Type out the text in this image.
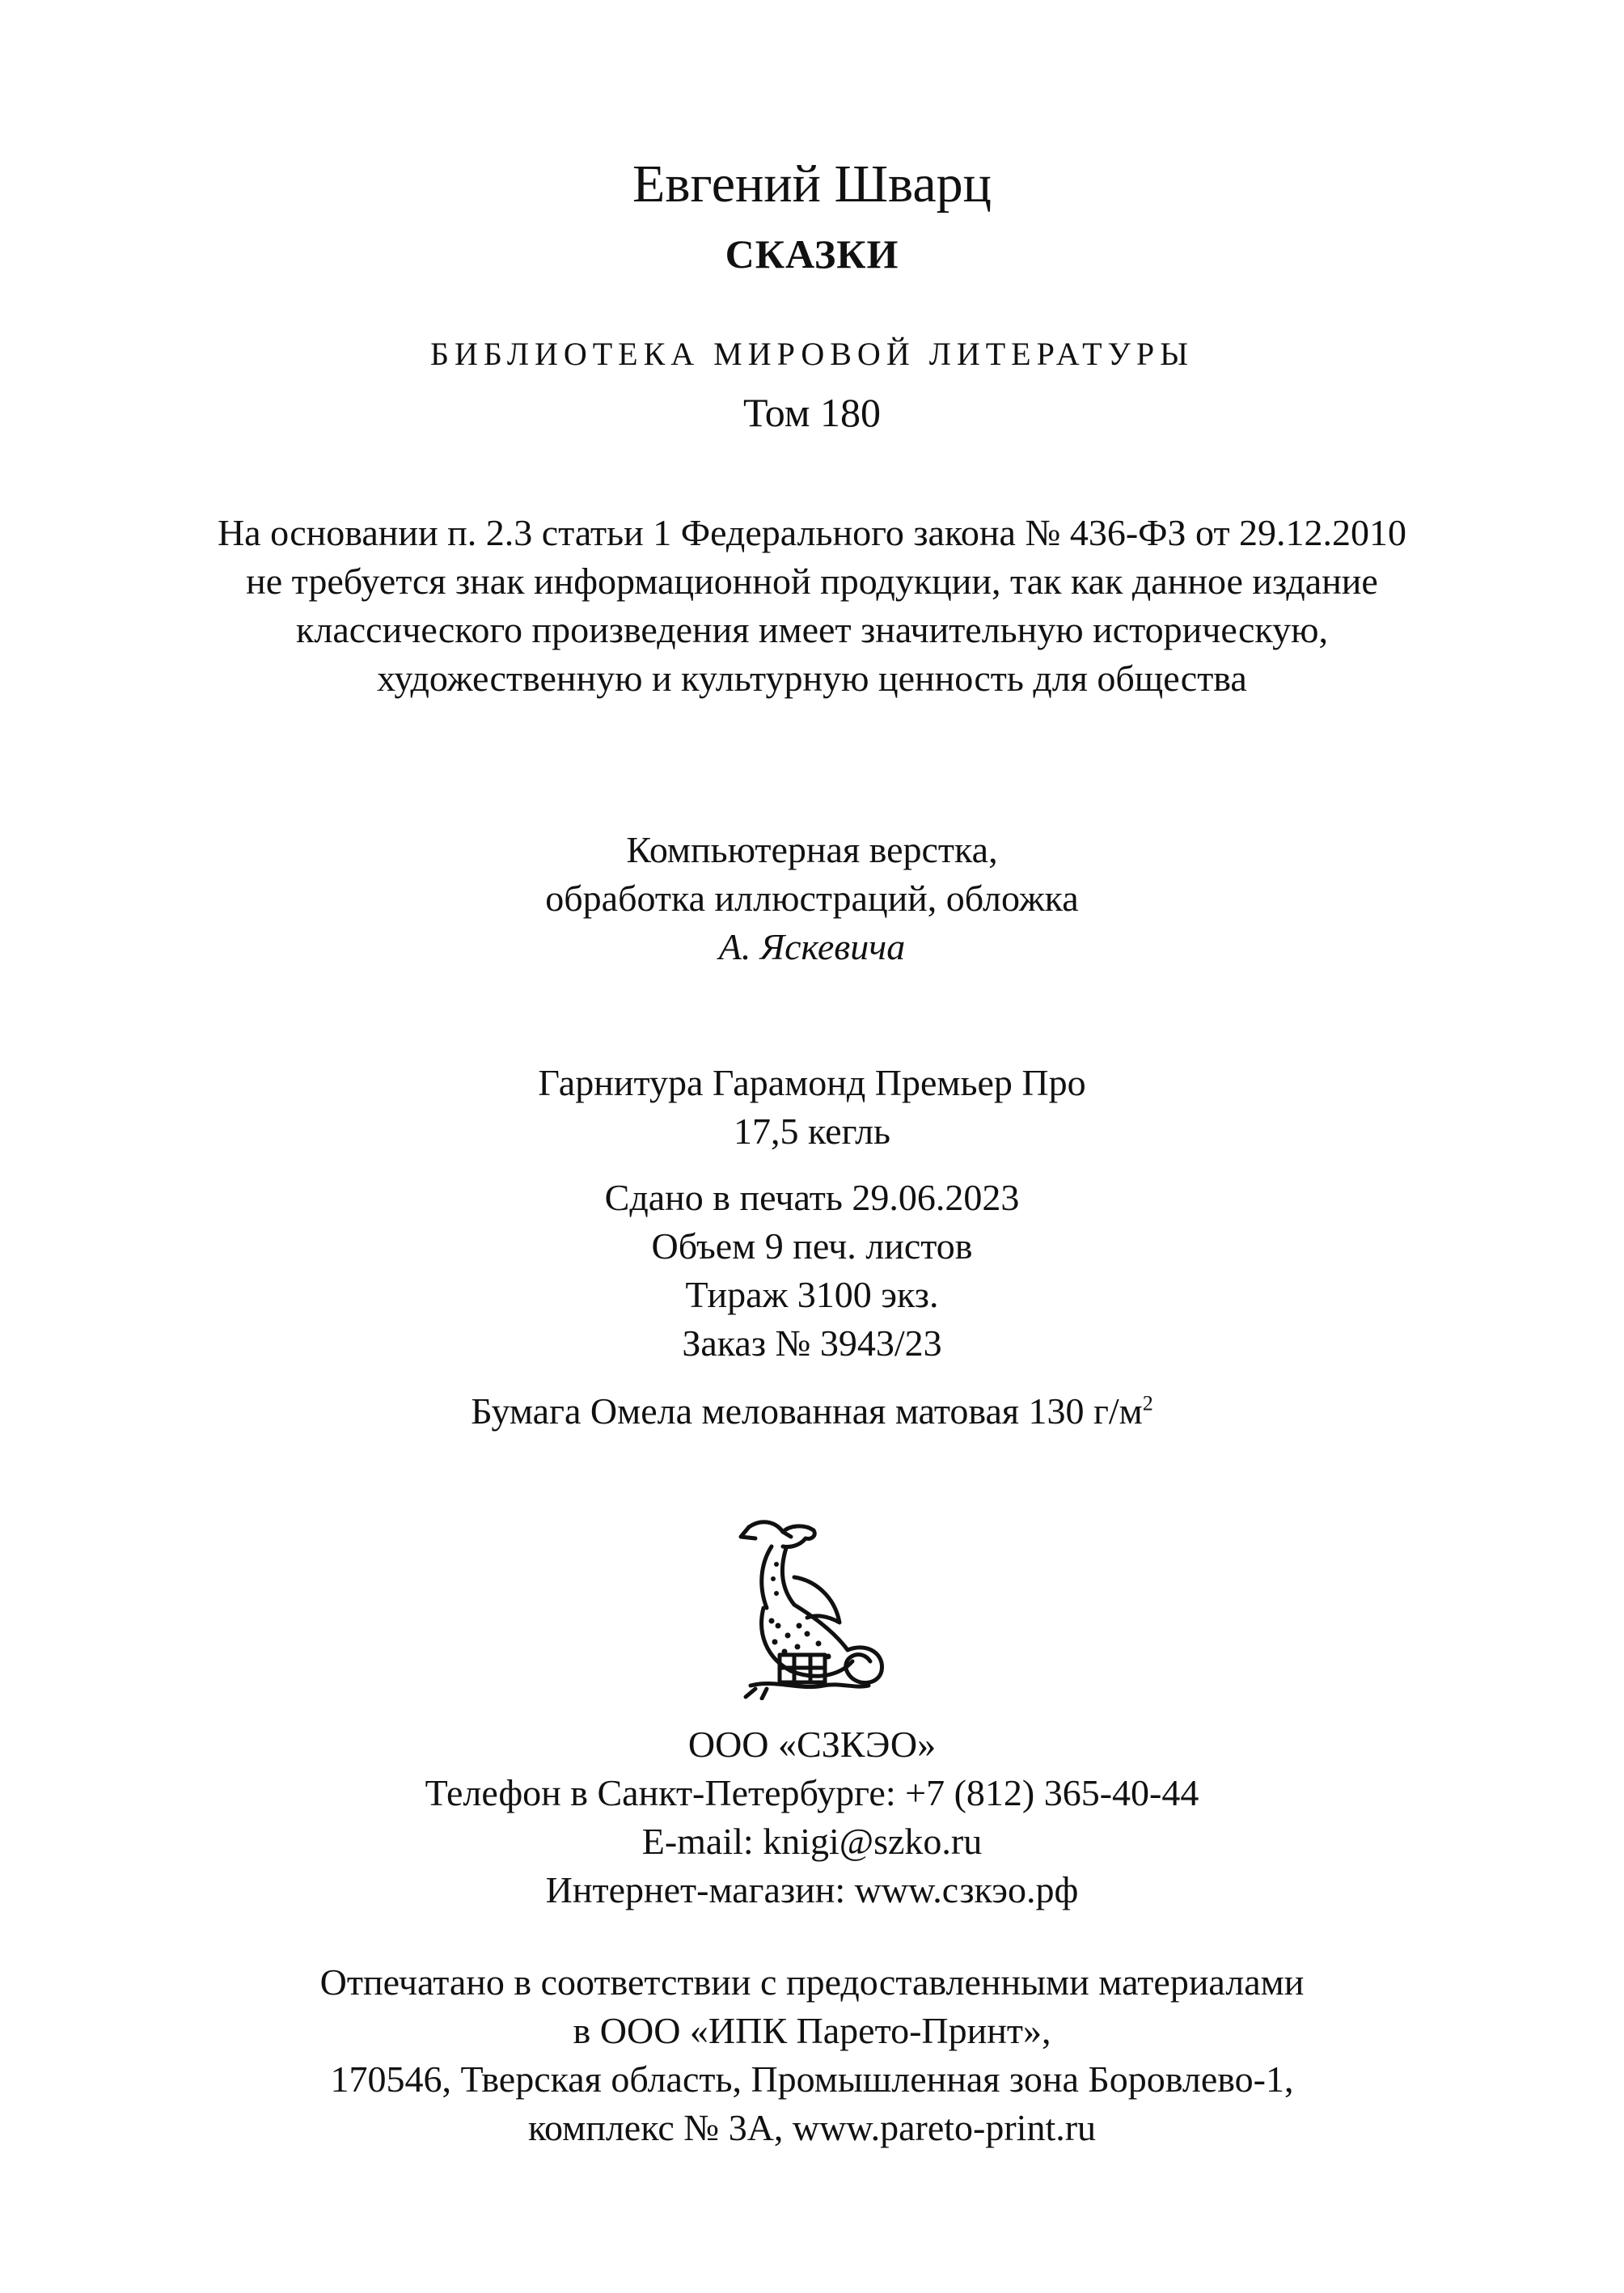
Евгений Шварц
СКАЗКИ
БИБЛИОТЕКА МИРОВОЙ ЛИТЕРАТУРЫ
Том 180
На основании п. 2.3 статьи 1 Федерального закона № 436-ФЗ от 29.12.2010
не требуется знак информационной продукции, так как данное издание
классического произведения имеет значительную историческую,
художественную и культурную ценность для общества
Компьютерная верстка,
обработка иллюстраций, обложка
А. Яскевича
Гарнитура Гарамонд Премьер Про
17,5 кегль
Сдано в печать 29.06.2023
Объем 9 печ. листов
Тираж 3100 экз.
Заказ № 3943/23
Бумага Омела мелованная матовая 130 $г/м^2$
ООО «СЗКЭО»
Телефон в Санкт-Петербурге: +7 (812) 365-40-44
E-mail: knigi@szko.ru
Интернет-магазин: www.сзкэо.рф
Отпечатано в соответствии с предоставленными материалами
в ООО «ИПК Парето-Принт»,
170546, Тверская область, Промышленная зона Боровлево-1,
комплекс № 3А, www.pareto-print.ru
